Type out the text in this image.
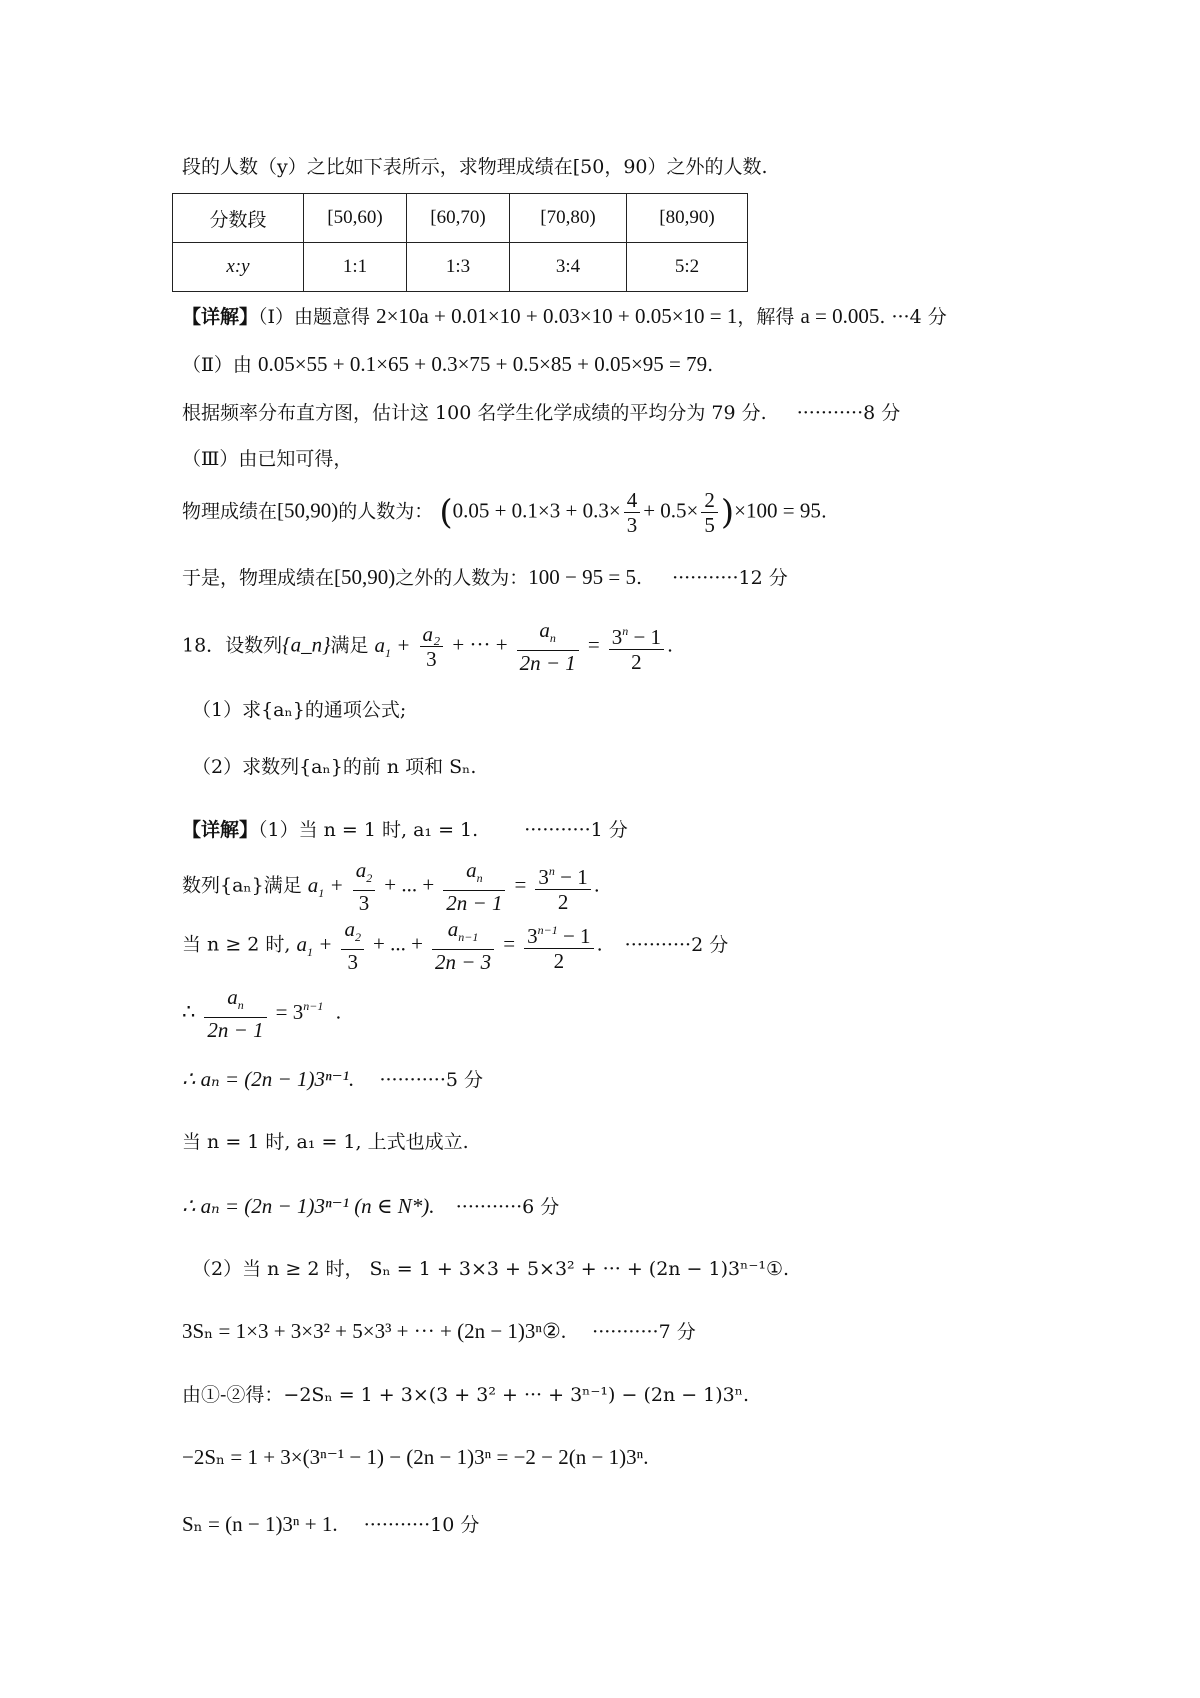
段的人数（y）之比如下表所示，求物理成绩在[50，90）之外的人数.
分数段	[50,60)	[60,70)	[70,80)	[80,90)
x:y	1:1	1:3	3:4	5:2
【详解】（Ⅰ）由题意得 2×10a + 0.01×10 + 0.03×10 + 0.05×10 = 1，解得 a = 0.005. ···4 分
（Ⅱ）由 0.05×55 + 0.1×65 + 0.3×75 + 0.5×85 + 0.05×95 = 79.
根据频率分布直方图，估计这 100 名学生化学成绩的平均分为 79 分. ···········8 分
（Ⅲ）由已知可得，
物理成绩在[50,90)的人数为： $(0.05 + 0.1\times 3 + 0.3\times \frac{4}{3} + 0.5\times \frac{2}{5} )\times 100 = 95$.
于是，物理成绩在[50,90)之外的人数为：100 − 95 = 5. ···········12 分
18．设数列{a_n}满足 $a_1 + \frac{\text{a₂}}{3}$ + ··· + $\frac{a_n}{2n - 1} = \frac{3^n - 1}{2}$ .
（1）求{aₙ}的通项公式;
（2）求数列{aₙ}的前 n 项和 Sₙ.
【详解】（1）当 n = 1 时, a₁ = 1. ···········1 分
数列{aₙ}满足 $a_1 + \frac{a_2}{3}$ + ... + $\frac{a_n}{2n - 1} = \frac{3^n - 1}{2}$ .
当 n ≥ 2 时, $a_1 + \frac{a_2}{3}$ + ... + $\frac{a_{n-1}}{2n - 3} = \frac{3^{n-1} - 1}{2}$ . ···········2 分
∴ $\frac{a_n}{2n - 1} = 3^{n-1}$  .
∴ aₙ = (2n − 1)3ⁿ⁻¹. ···········5 分
当 n = 1 时, a₁ = 1, 上式也成立.
∴ aₙ = (2n − 1)3ⁿ⁻¹ (n ∈ N*). ···········6 分
（2）当 n ≥ 2 时， Sₙ = 1 + 3×3 + 5×3² + ··· + (2n − 1)3ⁿ⁻¹①.
3Sₙ = 1×3 + 3×3² + 5×3³ + ··· + (2n − 1)3ⁿ②. ···········7 分
由①-②得：−2Sₙ = 1 + 3×(3 + 3² + ··· + 3ⁿ⁻¹) − (2n − 1)3ⁿ.
−2Sₙ = 1 + 3×(3ⁿ⁻¹ − 1) − (2n − 1)3ⁿ = −2 − 2(n − 1)3ⁿ.
Sₙ = (n − 1)3ⁿ + 1. ···········10 分
